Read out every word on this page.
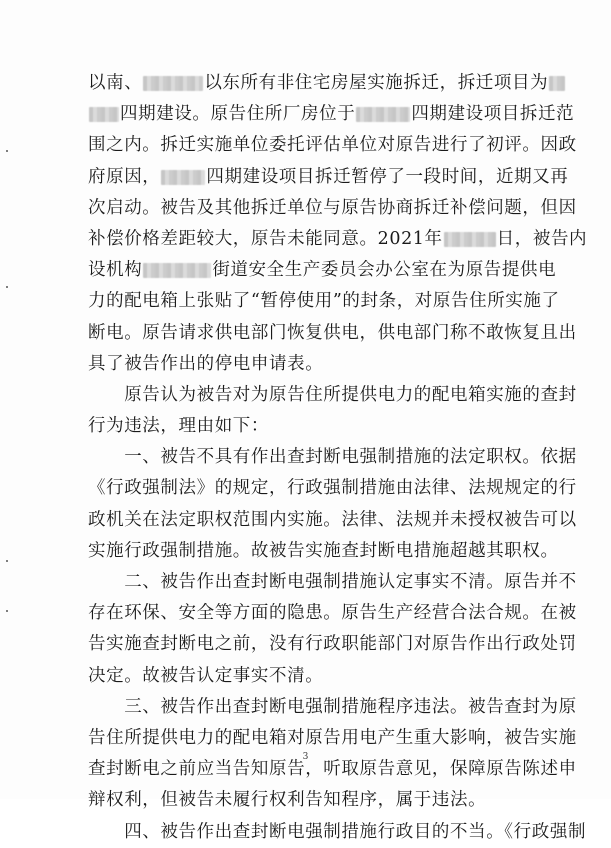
以南、	以东所有非住宅房屋实施拆迁，拆迁项目为
四期建设。原告住所厂房位于	四期建设项目拆迁范
围之内。拆迁实施单位委托评估单位对原告进行了初评。因政
府原因，	四期建设项目拆迁暂停了一段时间，近期又再
次启动。被告及其他拆迁单位与原告协商拆迁补偿问题，但因
补偿价格差距较大，原告未能同意。2021年	日，被告内
设机构	街道安全生产委员会办公室在为原告提供电
力的配电箱上张贴了“暂停使用”的封条，对原告住所实施了
断电。原告请求供电部门恢复供电，供电部门称不敢恢复且出
具了被告作出的停电申请表。
　　原告认为被告对为原告住所提供电力的配电箱实施的查封
行为违法，理由如下：
　　一、被告不具有作出查封断电强制措施的法定职权。依据
《行政强制法》的规定，行政强制措施由法律、法规规定的行
政机关在法定职权范围内实施。法律、法规并未授权被告可以
实施行政强制措施。故被告实施查封断电措施超越其职权。
　　二、被告作出查封断电强制措施认定事实不清。原告并不
存在环保、安全等方面的隐患。原告生产经营合法合规。在被
告实施查封断电之前，没有行政职能部门对原告作出行政处罚
决定。故被告认定事实不清。
　　三、被告作出查封断电强制措施程序违法。被告查封为原
告住所提供电力的配电箱对原告用电产生重大影响，被告实施
查封断电之前应当告知原告，听取原告意见，保障原告陈述申
辩权利，但被告未履行权利告知程序，属于违法。
　　四、被告作出查封断电强制措施行政目的不当。《行政强制
3
